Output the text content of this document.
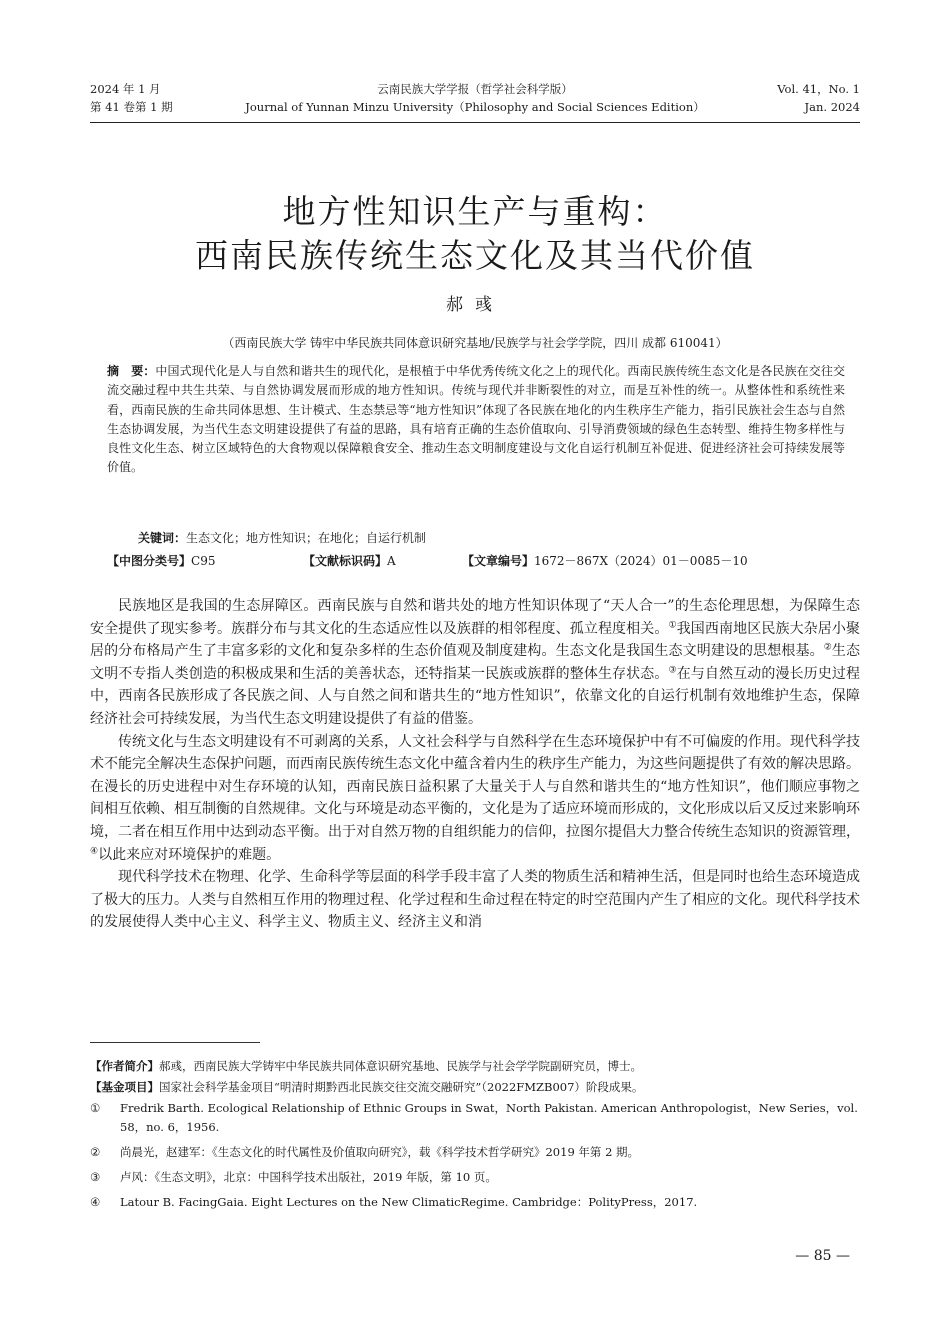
2024 年 1 月
第 41 卷第 1 期
云南民族大学学报（哲学社会科学版）
Journal of Yunnan Minzu University（Philosophy and Social Sciences Edition）
Vol. 41，No. 1
Jan. 2024
地方性知识生产与重构：
西南民族传统生态文化及其当代价值
郝彧
（西南民族大学 铸牢中华民族共同体意识研究基地/民族学与社会学学院，四川 成都 610041）
摘　要：中国式现代化是人与自然和谐共生的现代化，是根植于中华优秀传统文化之上的现代化。西南民族传统生态文化是各民族在交往交流交融过程中共生共荣、与自然协调发展而形成的地方性知识。传统与现代并非断裂性的对立，而是互补性的统一。从整体性和系统性来看，西南民族的生命共同体思想、生计模式、生态禁忌等“地方性知识”体现了各民族在地化的内生秩序生产能力，指引民族社会生态与自然生态协调发展，为当代生态文明建设提供了有益的思路，具有培育正确的生态价值取向、引导消费领域的绿色生态转型、维持生物多样性与良性文化生态、树立区域特色的大食物观以保障粮食安全、推动生态文明制度建设与文化自运行机制互补促进、促进经济社会可持续发展等价值。
关键词：生态文化；地方性知识；在地化；自运行机制
【中图分类号】C95	【文献标识码】A	【文章编号】1672－867X（2024）01－0085－10

民族地区是我国的生态屏障区。西南民族与自然和谐共处的地方性知识体现了“天人合一”的生态伦理思想，为保障生态安全提供了现实参考。族群分布与其文化的生态适应性以及族群的相邻程度、孤立程度相关。①我国西南地区民族大杂居小聚居的分布格局产生了丰富多彩的文化和复杂多样的生态价值观及制度建构。生态文化是我国生态文明建设的思想根基。②生态文明不专指人类创造的积极成果和生活的美善状态，还特指某一民族或族群的整体生存状态。③在与自然互动的漫长历史过程中，西南各民族形成了各民族之间、人与自然之间和谐共生的“地方性知识”，依靠文化的自运行机制有效地维护生态，保障经济社会可持续发展，为当代生态文明建设提供了有益的借鉴。

传统文化与生态文明建设有不可剥离的关系，人文社会科学与自然科学在生态环境保护中有不可偏废的作用。现代科学技术不能完全解决生态保护问题，而西南民族传统生态文化中蕴含着内生的秩序生产能力，为这些问题提供了有效的解决思路。在漫长的历史进程中对生存环境的认知，西南民族日益积累了大量关于人与自然和谐共生的“地方性知识”，他们顺应事物之间相互依赖、相互制衡的自然规律。文化与环境是动态平衡的，文化是为了适应环境而形成的，文化形成以后又反过来影响环境，二者在相互作用中达到动态平衡。出于对自然万物的自组织能力的信仰，拉图尔提倡大力整合传统生态知识的资源管理，④以此来应对环境保护的难题。

现代科学技术在物理、化学、生命科学等层面的科学手段丰富了人类的物质生活和精神生活，但是同时也给生态环境造成了极大的压力。人类与自然相互作用的物理过程、化学过程和生命过程在特定的时空范围内产生了相应的文化。现代科学技术的发展使得人类中心主义、科学主义、物质主义、经济主义和消

【作者简介】郝彧，西南民族大学铸牢中华民族共同体意识研究基地、民族学与社会学学院副研究员，博士。
【基金项目】国家社会科学基金项目“明清时期黔西北民族交往交流交融研究”（2022FMZB007）阶段成果。
① Fredrik Barth. Ecological Relationship of Ethnic Groups in Swat，North Pakistan. American Anthropologist，New Series，vol. 58，no. 6，1956.
② 尚晨光，赵建军：《生态文化的时代属性及价值取向研究》，载《科学技术哲学研究》2019 年第 2 期。
③ 卢风：《生态文明》，北京：中国科学技术出版社，2019 年版，第 10 页。
④ Latour B. FacingGaia. Eight Lectures on the New ClimaticRegime. Cambridge：PolityPress，2017.
— 85 —
